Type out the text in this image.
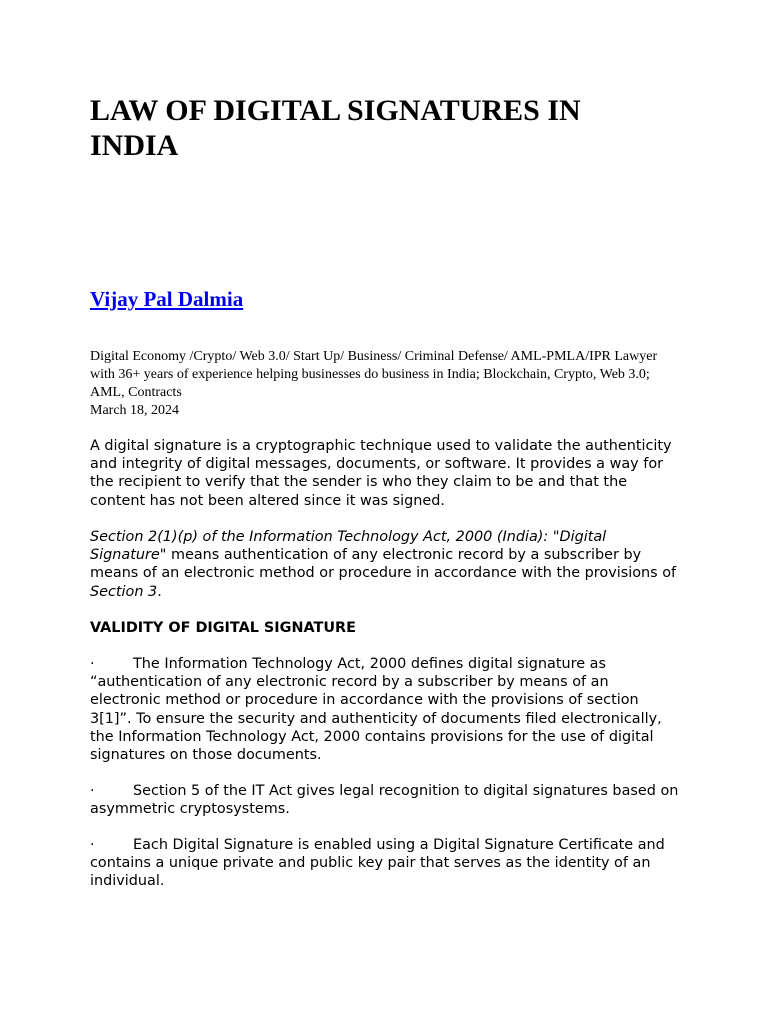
LAW OF DIGITAL SIGNATURES IN INDIA
Vijay Pal Dalmia

Digital Economy /Crypto/ Web 3.0/ Start Up/ Business/ Criminal Defense/ AML-PMLA/IPR Lawyer with 36+ years of experience helping businesses do business in India; Blockchain, Crypto, Web 3.0; AML, Contracts

March 18, 2024

A digital signature is a cryptographic technique used to validate the authenticity and integrity of digital messages, documents, or software. It provides a way for the recipient to verify that the sender is who they claim to be and that the content has not been altered since it was signed.

Section 2(1)(p) of the Information Technology Act, 2000 (India): "Digital Signature" means authentication of any electronic record by a subscriber by means of an electronic method or procedure in accordance with the provisions of Section 3.

VALIDITY OF DIGITAL SIGNATURE

·	The Information Technology Act, 2000 defines digital signature as “authentication of any electronic record by a subscriber by means of an electronic method or procedure in accordance with the provisions of section 3[1]”. To ensure the security and authenticity of documents filed electronically, the Information Technology Act, 2000 contains provisions for the use of digital signatures on those documents.

·	Section 5 of the IT Act gives legal recognition to digital signatures based on asymmetric cryptosystems.

·	Each Digital Signature is enabled using a Digital Signature Certificate and contains a unique private and public key pair that serves as the identity of an individual.
